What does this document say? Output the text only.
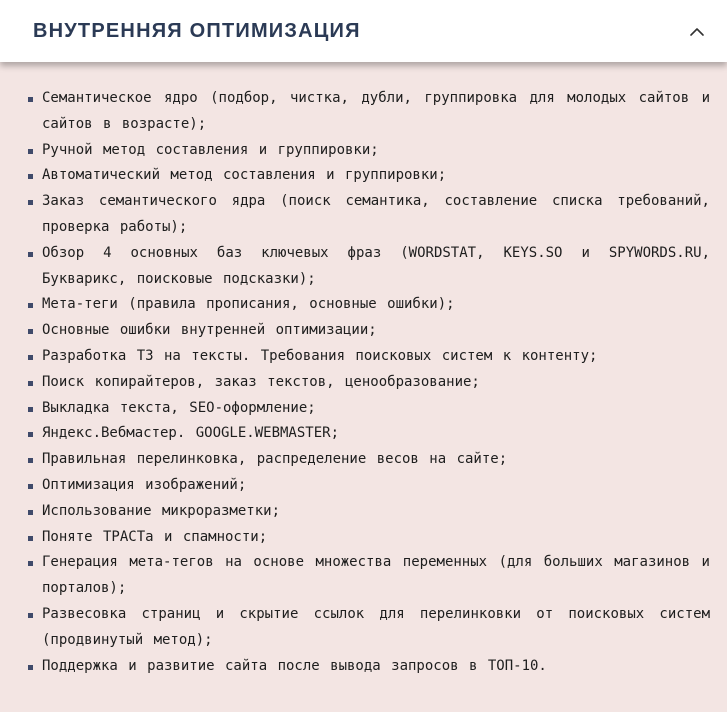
ВНУТРЕННЯЯ ОПТИМИЗАЦИЯ
Семантическое ядро (подбор, чистка, дубли, группировка для молодых сайтов и сайтов в возрасте);
Ручной метод составления и группировки;
Автоматический метод составления и группировки;
Заказ семантического ядра (поиск семантика, составление списка требований, проверка работы);
Обзор 4 основных баз ключевых фраз (WORDSTAT, KEYS.SO и SPYWORDS.RU, Букварикс, поисковые подсказки);
Мета-теги (правила прописания, основные ошибки);
Основные ошибки внутренней оптимизации;
Разработка ТЗ на тексты. Требования поисковых систем к контенту;
Поиск копирайтеров, заказ текстов, ценообразование;
Выкладка текста, SEO-оформление;
Яндекс.Вебмастер. GOOGLE.WEBMASTER;
Правильная перелинковка, распределение весов на сайте;
Оптимизация изображений;
Использование микроразметки;
Поняте ТРАСТа и спамности;
Генерация мета-тегов на основе множества переменных (для больших магазинов и порталов);
Развесовка страниц и скрытие ссылок для перелинковки от поисковых систем (продвинутый метод);
Поддержка и развитие сайта после вывода запросов в ТОП-10.
